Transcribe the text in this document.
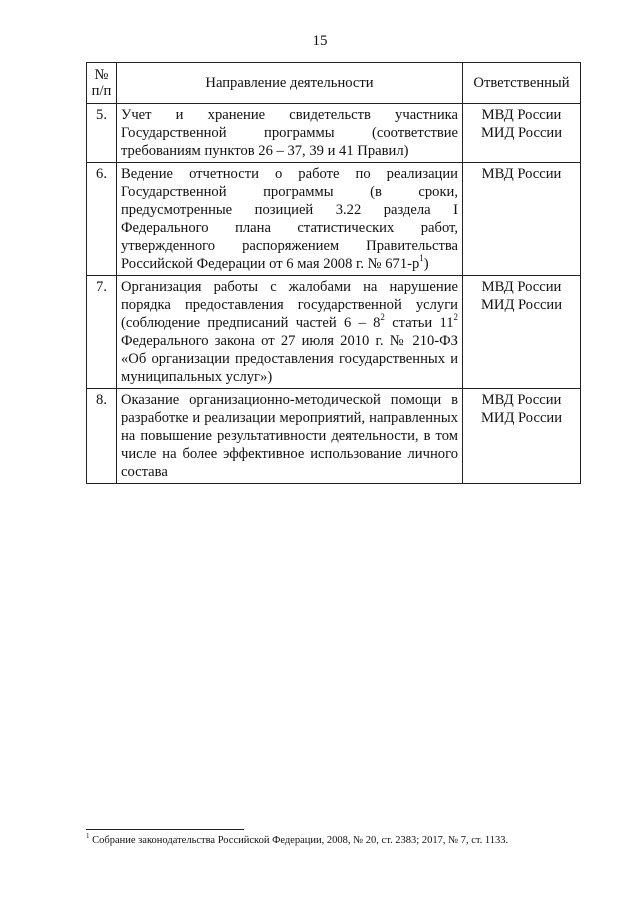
15
№
п/п	Направление деятельности	Ответственный
5.	Учет и хранение свидетельств участника Государственной программы (соответствие требованиям пунктов 26 – 37, 39 и 41 Правил)	МВД России
МИД России

6.	Ведение отчетности о работе по реализации Государственной программы (в сроки, предусмотренные позицией 3.22 раздела I Федерального плана статистических работ, утвержденного распоряжением Правительства Российской Федерации от 6 мая 2008 г. № $671-р^1$)	МВД России

7.	Организация работы с жалобами на нарушение порядка предоставления государственной услуги (соблюдение предписаний частей $6 - 8^2$ статьи $11^2$ Федерального закона от 27 июля 2010 г. № 210-ФЗ «Об организации предоставления государственных и муниципальных услуг»)	МВД России
МИД России

8.	Оказание организационно-методической помощи в разработке и реализации мероприятий, направленных на повышение результативности деятельности, в том числе на более эффективное использование личного состава	МВД России
МИД России
$^1$ Собрание законодательства Российской Федерации, 2008, № 20, ст. 2383; 2017, № 7, ст. 1133.
